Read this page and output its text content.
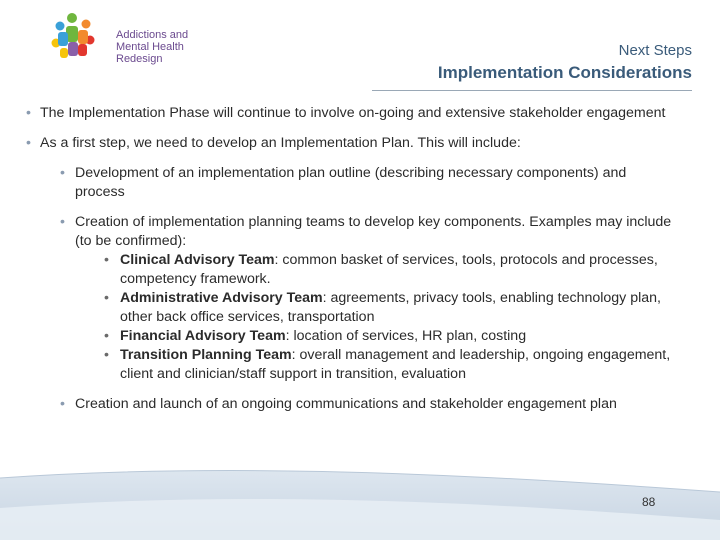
Addictions and
Mental Health
Redesign	Next Steps
Implementation Considerations
• The Implementation Phase will continue to involve on-going and extensive stakeholder engagement
• As a first step, we need to develop an Implementation Plan. This will include:
• Development of an implementation plan outline (describing necessary components) and process
• Creation of implementation planning teams to develop key components. Examples may include (to be confirmed):
• Clinical Advisory Team: common basket of services, tools, protocols and processes, competency framework.
• Administrative Advisory Team: agreements, privacy tools, enabling technology plan, other back office services, transportation
• Financial Advisory Team: location of services, HR plan, costing
• Transition Planning Team: overall management and leadership, ongoing engagement, client and clinician/staff support in transition, evaluation
• Creation and launch of an ongoing communications and stakeholder engagement plan
88
